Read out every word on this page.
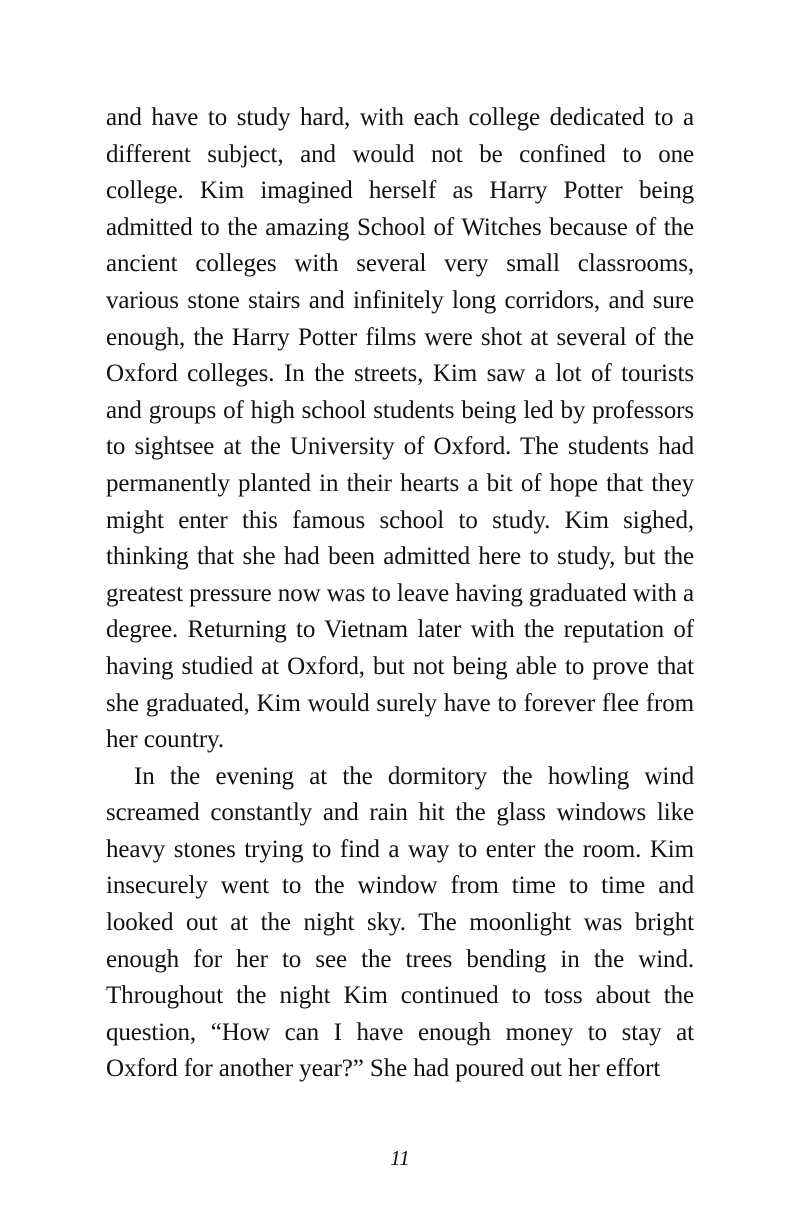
and have to study hard, with each college dedicated to a different subject, and would not be confined to one college. Kim imagined herself as Harry Potter being admitted to the amazing School of Witches because of the ancient colleges with several very small classrooms, various stone stairs and infinitely long corridors, and sure enough, the Harry Potter films were shot at several of the Oxford colleges. In the streets, Kim saw a lot of tourists and groups of high school students being led by professors to sightsee at the University of Oxford. The students had permanently planted in their hearts a bit of hope that they might enter this famous school to study. Kim sighed, thinking that she had been admitted here to study, but the greatest pressure now was to leave having graduated with a degree. Returning to Vietnam later with the reputation of having studied at Oxford, but not being able to prove that she graduated, Kim would surely have to forever flee from her country.

In the evening at the dormitory the howling wind screamed constantly and rain hit the glass windows like heavy stones trying to find a way to enter the room. Kim insecurely went to the window from time to time and looked out at the night sky. The moonlight was bright enough for her to see the trees bending in the wind. Throughout the night Kim continued to toss about the question, “How can I have enough money to stay at Oxford for another year?” She had poured out her effort

11
